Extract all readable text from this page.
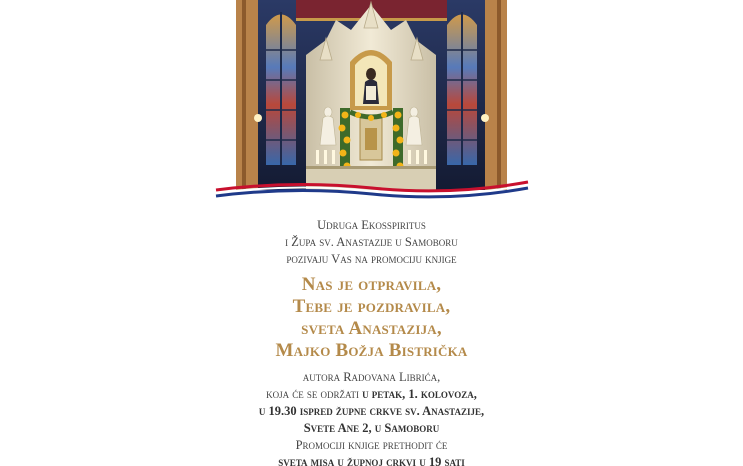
Udruga Ekosspiritus
i Župa sv. Anastazije u Samoboru
pozivaju Vas na promociju knjige
Nas je otpravila,
Tebe je pozdravila,
sveta Anastazija,
Majko Božja Bistrička
autora Radovana Librića,
koja će se održati u petak, 1. kolovoza,
u 19.30 ispred župne crkve sv. Anastazije,
Svete Ane 2, u Samoboru
Promociji knjige prethodit će
sveta misa u župnoj crkvi u 19 sati
